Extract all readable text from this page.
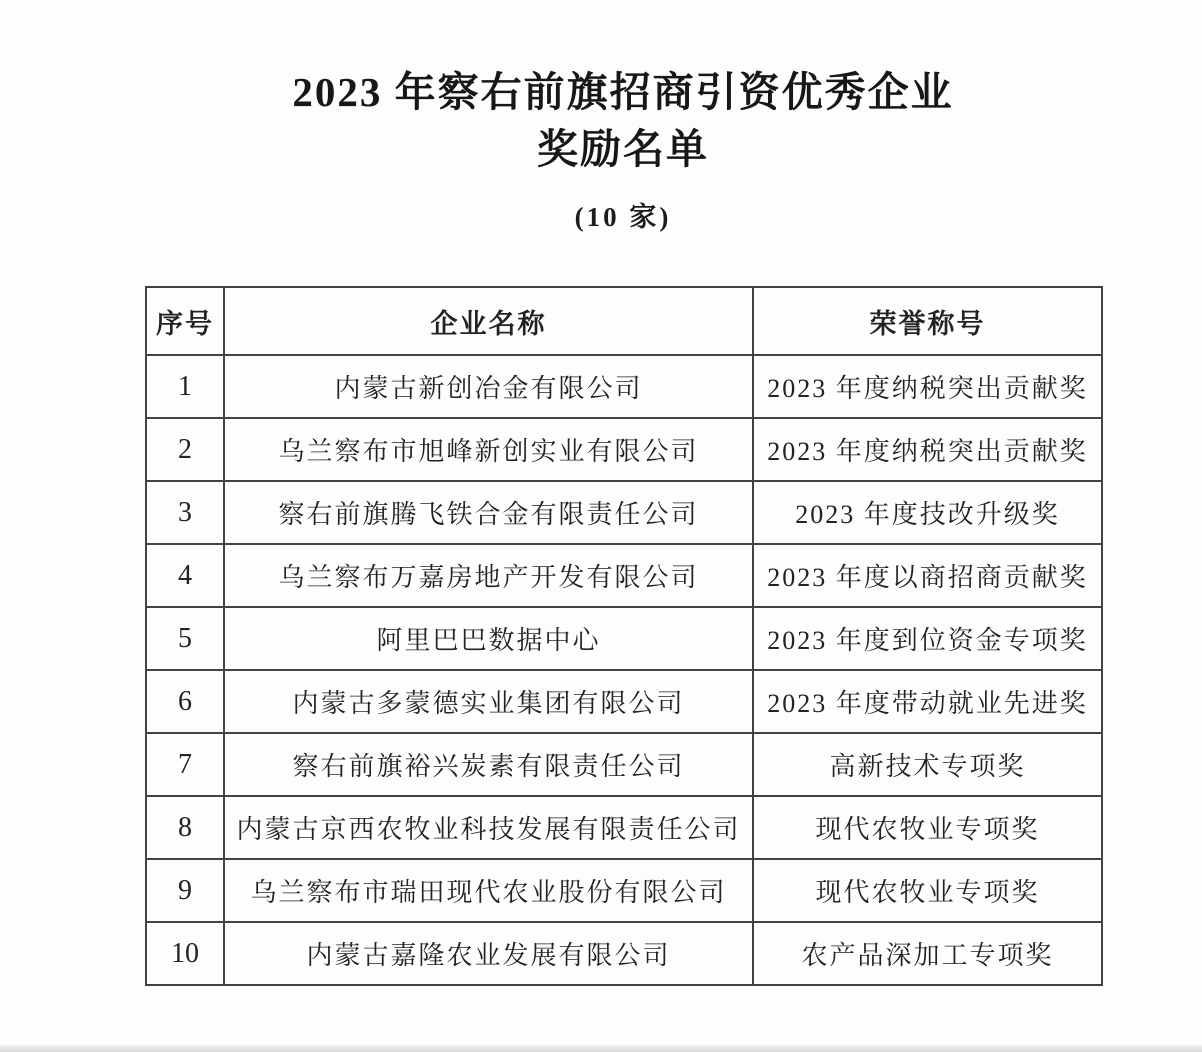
2023 年察右前旗招商引资优秀企业
奖励名单
(10 家)
序号	企业名称	荣誉称号
1	内蒙古新创冶金有限公司	2023 年度纳税突出贡献奖
2	乌兰察布市旭峰新创实业有限公司	2023 年度纳税突出贡献奖
3	察右前旗腾飞铁合金有限责任公司	2023 年度技改升级奖
4	乌兰察布万嘉房地产开发有限公司	2023 年度以商招商贡献奖
5	阿里巴巴数据中心	2023 年度到位资金专项奖
6	内蒙古多蒙德实业集团有限公司	2023 年度带动就业先进奖
7	察右前旗裕兴炭素有限责任公司	高新技术专项奖
8	内蒙古京西农牧业科技发展有限责任公司	现代农牧业专项奖
9	乌兰察布市瑞田现代农业股份有限公司	现代农牧业专项奖
10	内蒙古嘉隆农业发展有限公司	农产品深加工专项奖
